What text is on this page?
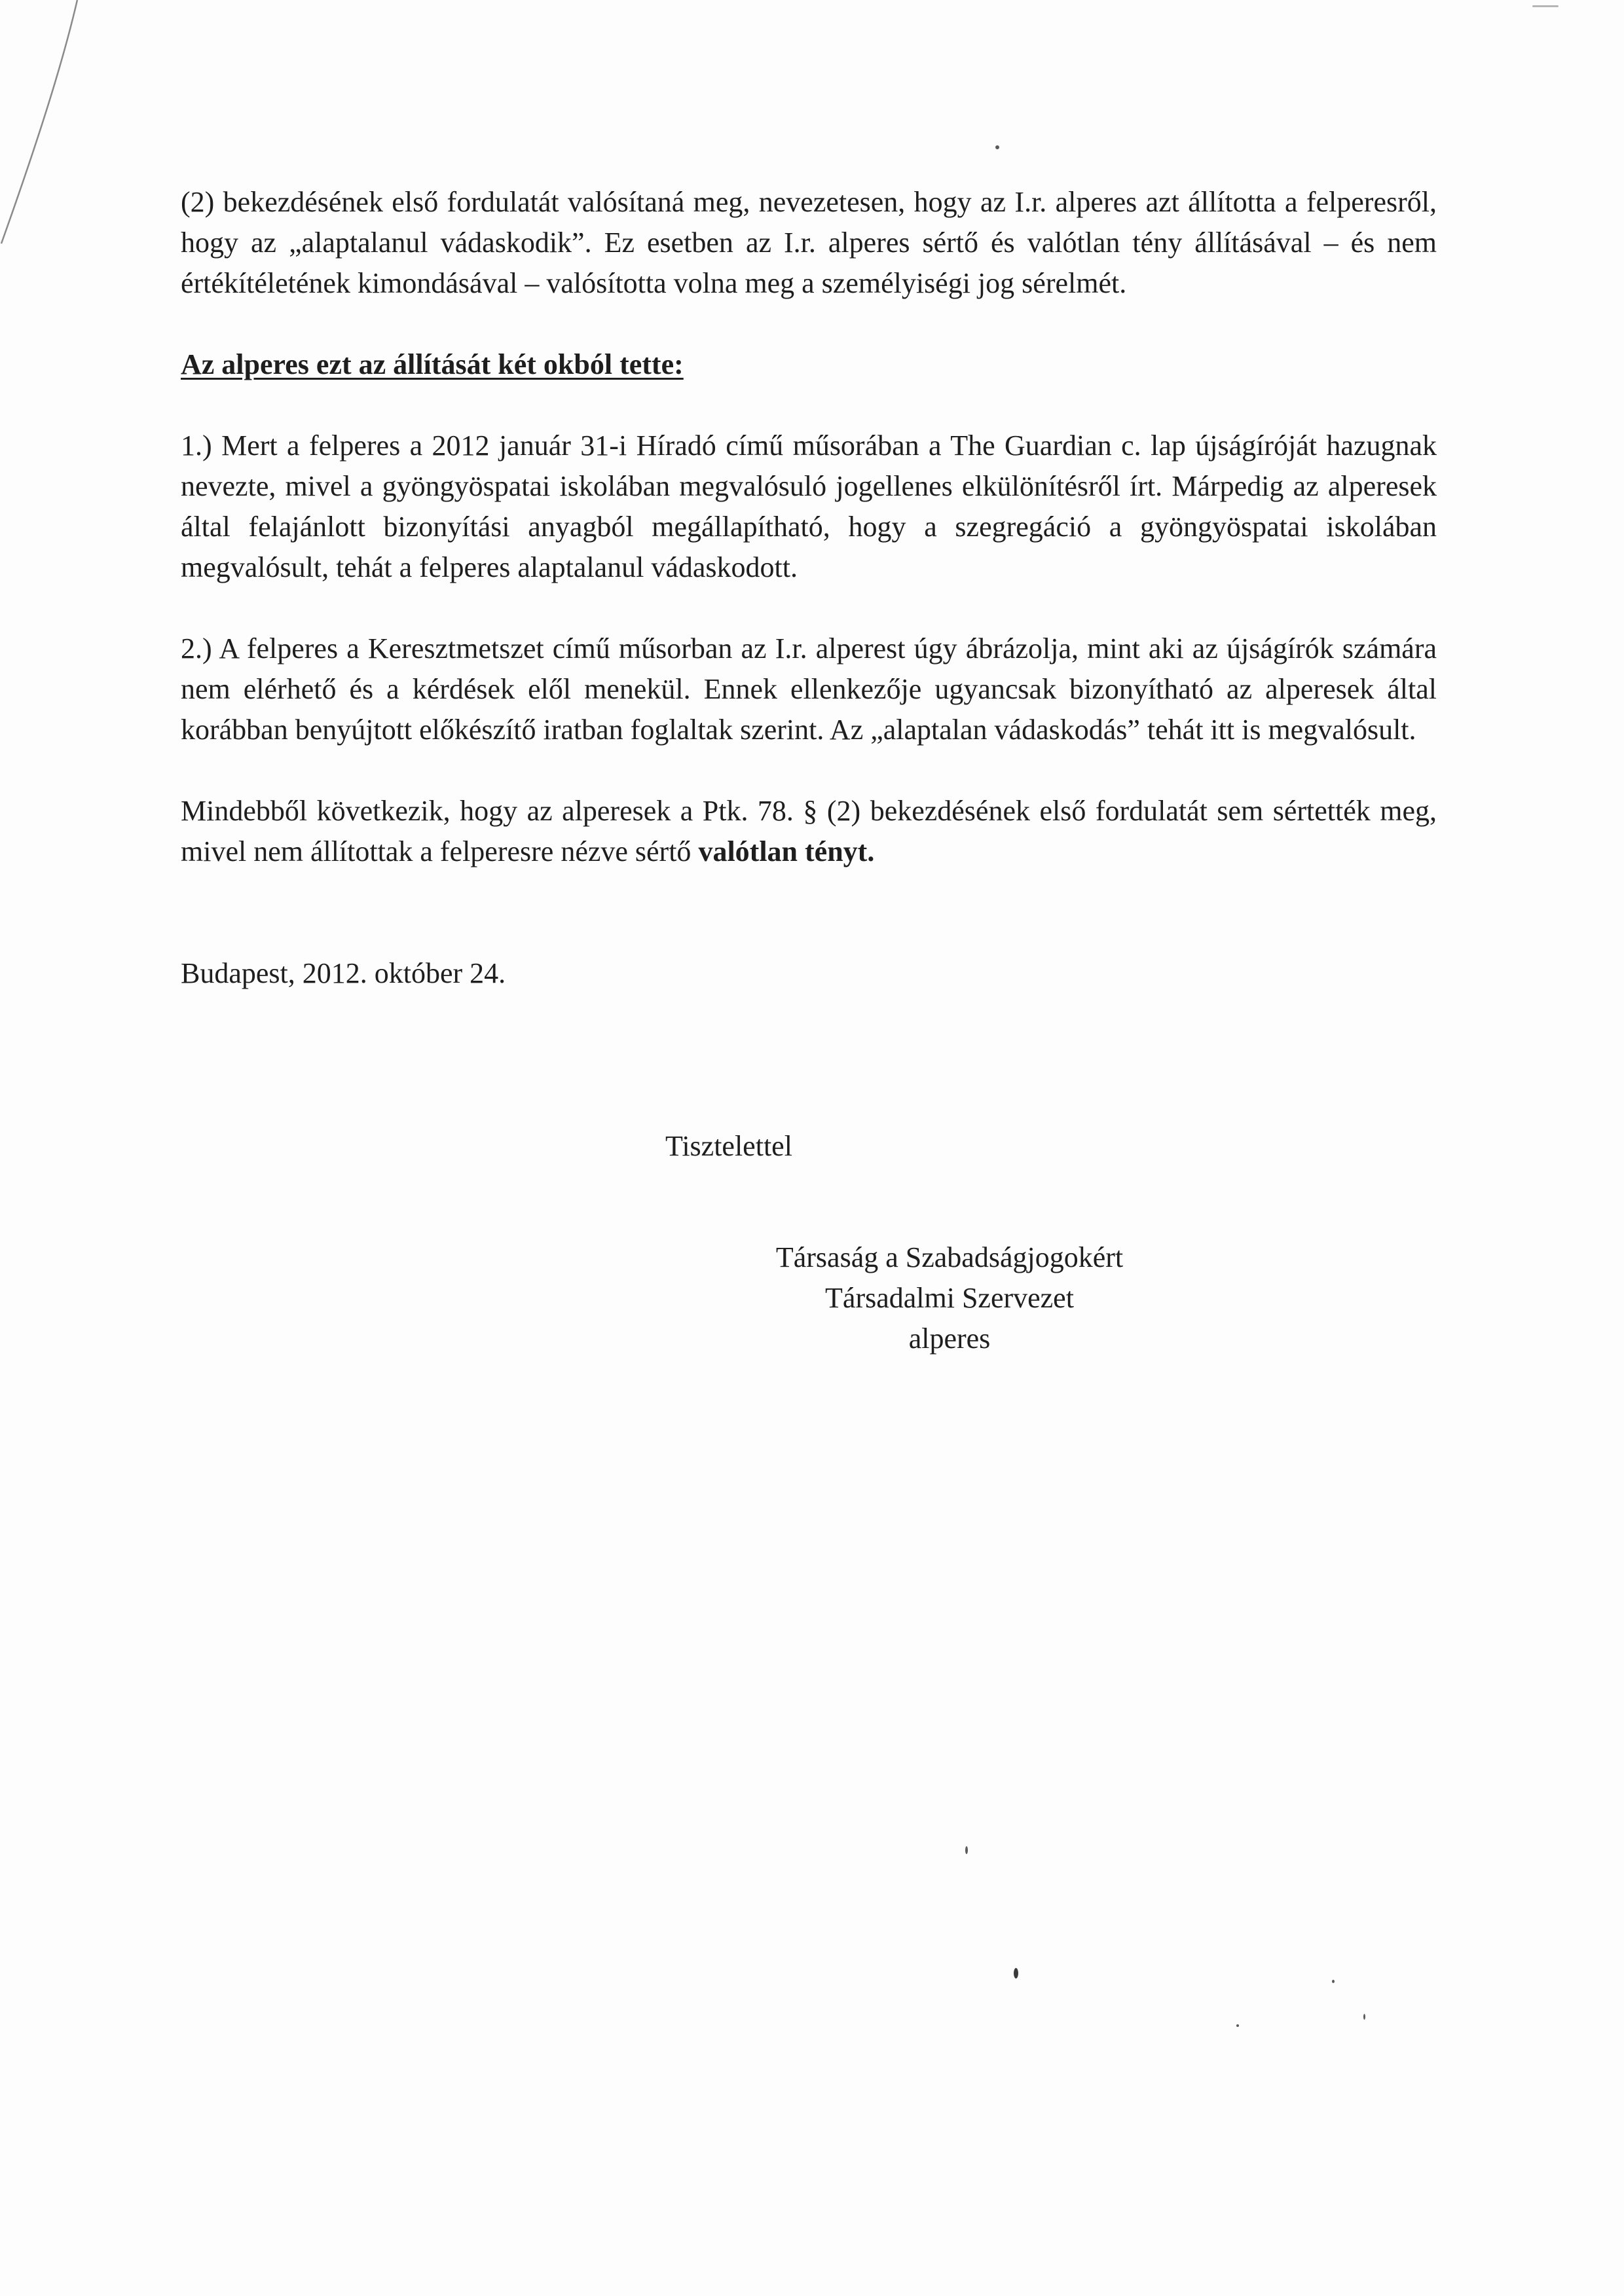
(2) bekezdésének első fordulatát valósítaná meg, nevezetesen, hogy az I.r. alperes azt állította a felperesről, hogy az „alaptalanul vádaskodik”. Ez esetben az I.r. alperes sértő és valótlan tény állításával – és nem értékítéletének kimondásával – valósította volna meg a személyiségi jog sérelmét.

Az alperes ezt az állítását két okból tette:

1.) Mert a felperes a 2012 január 31-i Híradó című műsorában a The Guardian c. lap újságíróját hazugnak nevezte, mivel a gyöngyöspatai iskolában megvalósuló jogellenes elkülönítésről írt. Márpedig az alperesek által felajánlott bizonyítási anyagból megállapítható, hogy a szegregáció a gyöngyöspatai iskolában megvalósult, tehát a felperes alaptalanul vádaskodott.

2.) A felperes a Keresztmetszet című műsorban az I.r. alperest úgy ábrázolja, mint aki az újságírók számára nem elérhető és a kérdések elől menekül. Ennek ellenkezője ugyancsak bizonyítható az alperesek által korábban benyújtott előkészítő iratban foglaltak szerint. Az „alaptalan vádaskodás” tehát itt is megvalósult.

Mindebből következik, hogy az alperesek a Ptk. 78. § (2) bekezdésének első fordulatát sem sértették meg, mivel nem állítottak a felperesre nézve sértő valótlan tényt.

Budapest, 2012. október 24.

Tisztelettel
Társaság a Szabadságjogokért
Társadalmi Szervezet
alperes
